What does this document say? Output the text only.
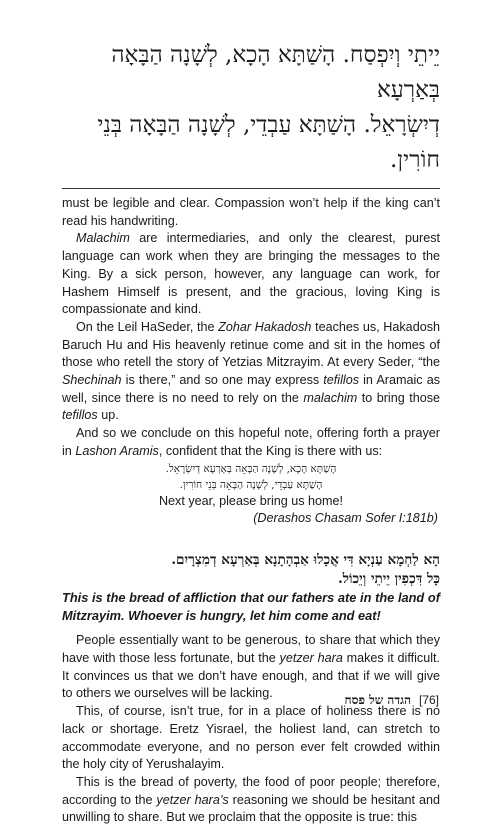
יֵיתֵי וְיִפְסַח. הָשַׁתָּא הָכָא, לְשָׁנָה הַבָּאָה בְּאַרְעָא
דְיִשְׂרָאֵל. הָשַׁתָּא עַבְדֵי, לְשָׁנָה הַבָּאָה בְּנֵי חוֹרִין.

must be legible and clear. Compassion won’t help if the king can’t read his handwriting.

Malachim are intermediaries, and only the clearest, purest language can work when they are bringing the messages to the King. By a sick person, however, any language can work, for Hashem Himself is present, and the gracious, loving King is compassionate and kind.

On the Leil HaSeder, the Zohar Hakadosh teaches us, Hakadosh Baruch Hu and His heavenly retinue come and sit in the homes of those who retell the story of Yetzias Mitzrayim. At every Seder, “the Shechinah is there,” and so one may express tefillos in Aramaic as well, since there is no need to rely on the malachim to bring those tefillos up.

And so we conclude on this hopeful note, offering forth a prayer in Lashon Aramis, confident that the King is there with us:

הָשַׁתָּא הָכָא, לְשָׁנָה הַבָּאָה בְּאַרְעָא דְיִשְׂרָאֵל.

הָשַׁתָּא עַבְדֵי, לְשָׁנָה הַבָּאָה בְּנֵי חוֹרִין.

Next year, please bring us home!

(Derashos Chasam Sofer I:181b)

הָא לַחְמָא עַנְיָא דִּי אֲכָלוּ אַבְהָתָנָא בְּאַרְעָא דְמִצְרָיִם.
כָּל דִּכְפִין יֵיתֵי וְיֵכוֹל.

This is the bread of affliction that our fathers ate in the land of Mitzrayim. Whoever is hungry, let him come and eat!

People essentially want to be generous, to share that which they have with those less fortunate, but the yetzer hara makes it difficult. It convinces us that we don’t have enough, and that if we will give to others we ourselves will be lacking.

This, of course, isn’t true, for in a place of holiness there is no lack or shortage. Eretz Yisrael, the holiest land, can stretch to accommodate everyone, and no person ever felt crowded within the holy city of Yerushalayim.

This is the bread of poverty, the food of poor people; therefore, according to the yetzer hara’s reasoning we should be hesitant and unwilling to share. But we proclaim that the opposite is true: this

הגדה של פסח [76]
